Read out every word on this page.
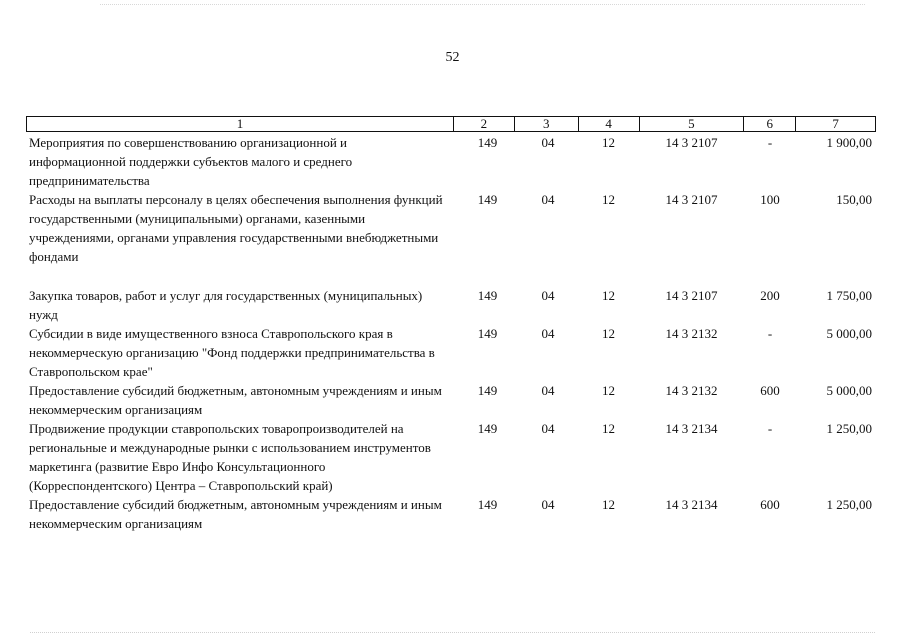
52
1	2	3	4	5	6	7
Мероприятия по совершенствованию организационной и информационной поддержки субъектов малого и среднего предпринимательства
149	04	12	14 3 2107	-	1 900,00
Расходы на выплаты персоналу в целях обеспечения выполнения функций государственными (муниципальными) органами, казенными учреждениями, органами управления государственными внебюджетными фондами
149	04	12	14 3 2107	100	150,00
Закупка товаров, работ и услуг для государственных (муниципальных) нужд
149	04	12	14 3 2107	200	1 750,00
Субсидии в виде имущественного взноса Ставропольского края в некоммерческую организацию "Фонд поддержки предпринимательства в Ставропольском крае"
149	04	12	14 3 2132	-	5 000,00
Предоставление субсидий бюджетным, автономным учреждениям и иным некоммерческим организациям
149	04	12	14 3 2132	600	5 000,00
Продвижение продукции ставропольских товаропроизводителей на региональные и международные рынки с использованием инструментов маркетинга (развитие Евро Инфо Консультационного (Корреспондентского) Центра – Ставропольский край)
149	04	12	14 3 2134	-	1 250,00
Предоставление субсидий бюджетным, автономным учреждениям и иным некоммерческим организациям
149	04	12	14 3 2134	600	1 250,00
